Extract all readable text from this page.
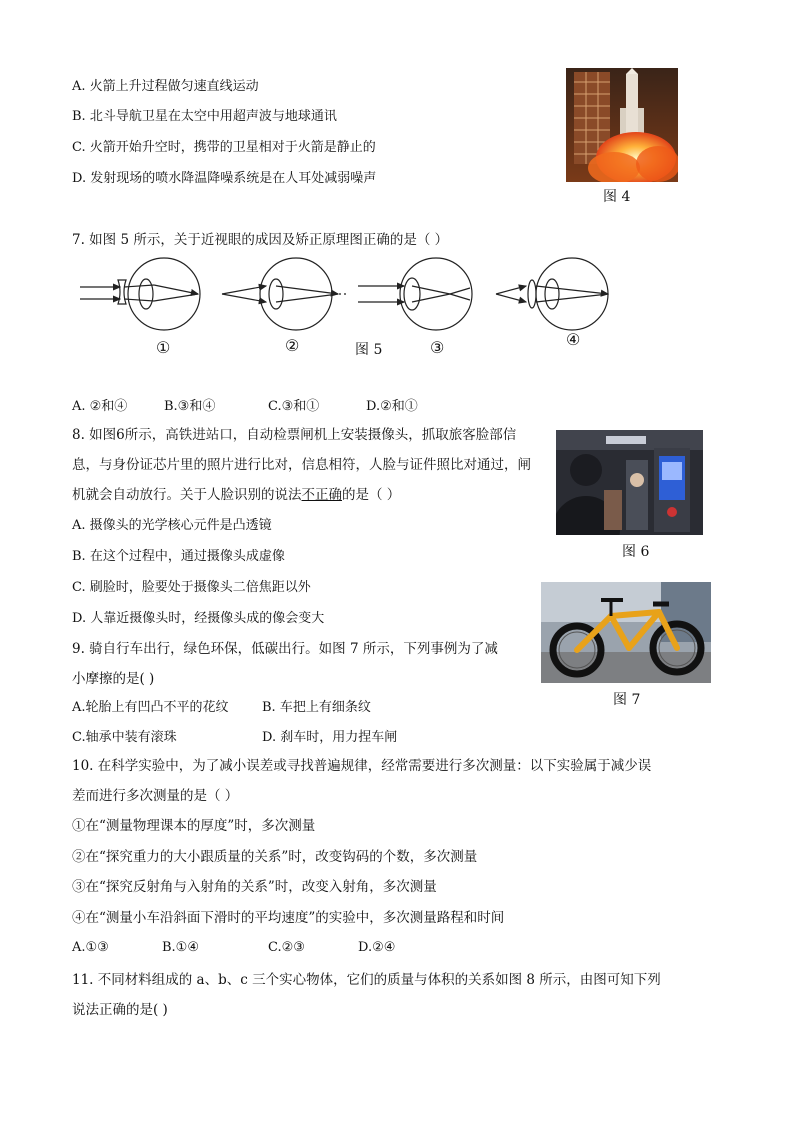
A. 火箭上升过程做匀速直线运动
B. 北斗导航卫星在太空中用超声波与地球通讯
C. 火箭开始升空时，携带的卫星相对于火箭是静止的
D. 发射现场的喷水降温降噪系统是在人耳处减弱噪声
图 4
7. 如图 5 所示，关于近视眼的成因及矫正原理图正确的是（ ）
①	②	图 5	③	④
A. ②和④	B.③和④	C.③和①	D.②和①
8. 如图6所示，高铁进站口，自动检票闸机上安装摄像头，抓取旅客脸部信
息，与身份证芯片里的照片进行比对，信息相符，人脸与证件照比对通过，闸
机就会自动放行。关于人脸识别的说法不正确的是（ ）
A. 摄像头的光学核心元件是凸透镜
B. 在这个过程中，通过摄像头成虚像
C. 刷脸时，脸要处于摄像头二倍焦距以外
D. 人靠近摄像头时，经摄像头成的像会变大
图 6
图 7
9. 骑自行车出行，绿色环保，低碳出行。如图 7 所示，下列事例为了减
小摩擦的是( )
A.轮胎上有凹凸不平的花纹	B. 车把上有细条纹
C.轴承中装有滚珠	D. 刹车时，用力捏车闸
10. 在科学实验中，为了减小误差或寻找普遍规律，经常需要进行多次测量：以下实验属于减少误
差而进行多次测量的是（ ）
①在“测量物理课本的厚度”时，多次测量
②在“探究重力的大小跟质量的关系”时，改变钩码的个数，多次测量
③在“探究反射角与入射角的关系”时，改变入射角，多次测量
④在“测量小车沿斜面下滑时的平均速度”的实验中，多次测量路程和时间
A.①③	B.①④	C.②③	D.②④
11. 不同材料组成的 a、b、c 三个实心物体，它们的质量与体积的关系如图 8 所示，由图可知下列
说法正确的是( )
